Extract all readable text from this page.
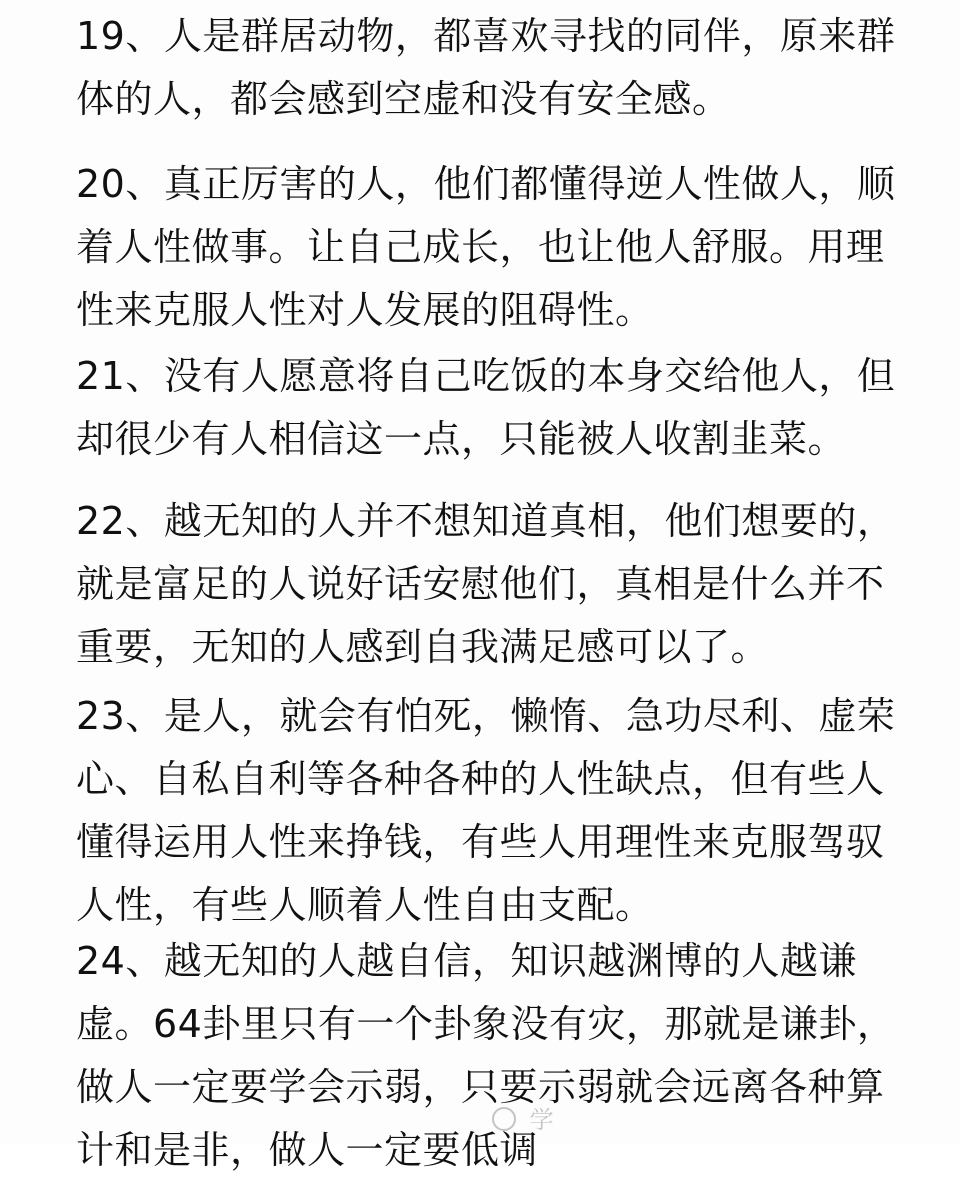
19、人是群居动物，都喜欢寻找的同伴，原来群
体的人，都会感到空虚和没有安全感。
20、真正厉害的人，他们都懂得逆人性做人，顺
着人性做事。让自己成长，也让他人舒服。用理
性来克服人性对人发展的阻碍性。
21、没有人愿意将自己吃饭的本身交给他人，但
却很少有人相信这一点，只能被人收割韭菜。
22、越无知的人并不想知道真相，他们想要的，
就是富足的人说好话安慰他们，真相是什么并不
重要，无知的人感到自我满足感可以了。
23、是人，就会有怕死，懒惰、急功尽利、虚荣
心、自私自利等各种各种的人性缺点，但有些人
懂得运用人性来挣钱，有些人用理性来克服驾驭
人性，有些人顺着人性自由支配。
24、越无知的人越自信，知识越渊博的人越谦
虚。64卦里只有一个卦象没有灾，那就是谦卦，
做人一定要学会示弱，只要示弱就会远离各种算
计和是非，做人一定要低调
学
